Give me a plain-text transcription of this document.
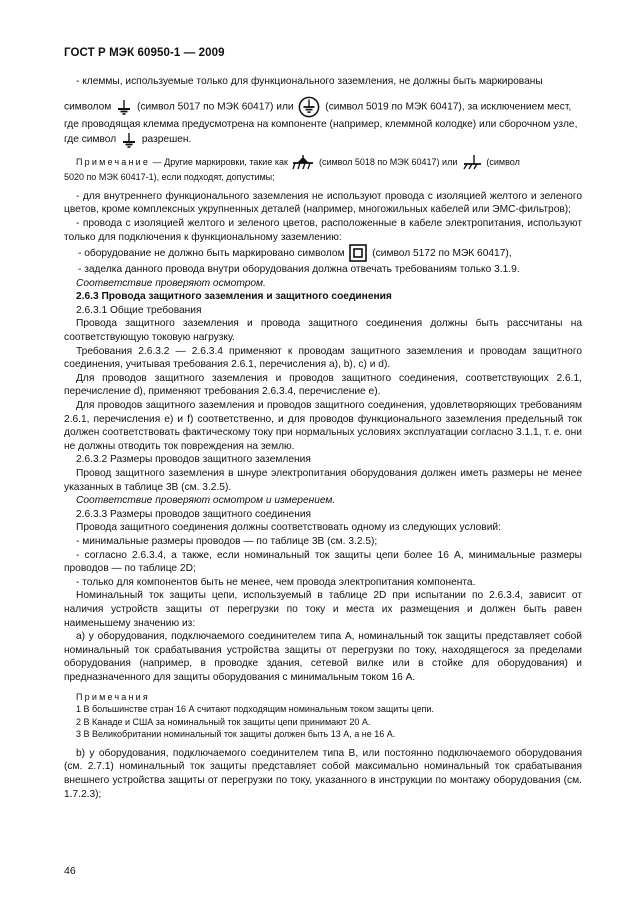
ГОСТ Р МЭК 60950-1 — 2009

- клеммы, используемые только для функционального заземления, не должны быть маркированы

символом	(символ 5017 по МЭК 60417) или	(символ 5019 по МЭК 60417), за исключением мест,

где проводящая клемма предусмотрена на компоненте (например, клеммной колодке) или сборочном узле,

где символ	разрешен.

Примечание — Другие маркировки, такие как	(символ 5018 по МЭК 60417) или	(символ

5020 по МЭК 60417-1), если подходят, допустимы;

- для внутреннего функционального заземления не используют провода с изоляцией желтого и зеленого цветов, кроме комплексных укрупненных деталей (например, многожильных кабелей или ЭМС-фильтров);

- провода с изоляцией желтого и зеленого цветов, расположенные в кабеле электропитания, используют только для подключения к функциональному заземлению:

- оборудование не должно быть маркировано символом	(символ 5172 по МЭК 60417),

- заделка данного провода внутри оборудования должна отвечать требованиям только 3.1.9.

Соответствие проверяют осмотром.

2.6.3 Провода защитного заземления и защитного соединения

2.6.3.1 Общие требования

Провода защитного заземления и провода защитного соединения должны быть рассчитаны на соответствующую токовую нагрузку.

Требования 2.6.3.2 — 2.6.3.4 применяют к проводам защитного заземления и проводам защитного соединения, учитывая требования 2.6.1, перечисления a), b), c) и d).

Для проводов защитного заземления и проводов защитного соединения, соответствующих 2.6.1, перечисление d), применяют требования 2.6.3.4, перечисление e).

Для проводов защитного заземления и проводов защитного соединения, удовлетворяющих требованиям 2.6.1, перечисления e) и f) соответственно, и для проводов функционального заземления предельный ток должен соответствовать фактическому току при нормальных условиях эксплуатации согласно 3.1.1, т. е. они не должны отводить ток повреждения на землю.

2.6.3.2 Размеры проводов защитного заземления

Провод защитного заземления в шнуре электропитания оборудования должен иметь размеры не менее указанных в таблице 3В (см. 3.2.5).

Соответствие проверяют осмотром и измерением.

2.6.3.3 Размеры проводов защитного соединения

Провода защитного соединения должны соответствовать одному из следующих условий:

- минимальные размеры проводов — по таблице 3В (см. 3.2.5);

- согласно 2.6.3.4, а также, если номинальный ток защиты цепи более 16 А, минимальные размеры проводов — по таблице 2D;

- только для компонентов быть не менее, чем провода электропитания компонента.

Номинальный ток защиты цепи, используемый в таблице 2D при испытании по 2.6.3.4, зависит от наличия устройств защиты от перегрузки по току и места их размещения и должен быть равен наименьшему значению из:

a) у оборудования, подключаемого соединителем типа А, номинальный ток защиты представляет собой номинальный ток срабатывания устройства защиты от перегрузки по току, находящегося за пределами оборудования (например, в проводке здания, сетевой вилке или в стойке для оборудования) и предназначенного для защиты оборудования с минимальным током 16 А.

Примечания

1 В большинстве стран 16 А считают подходящим номинальным током защиты цепи.

2 В Канаде и США за номинальный ток защиты цепи принимают 20 А.

3 В Великобритании номинальный ток защиты должен быть 13 А, а не 16 А.

b) у оборудования, подключаемого соединителем типа В, или постоянно подключаемого оборудования (см. 2.7.1) номинальный ток защиты представляет собой максимально номинальный ток срабатывания внешнего устройства защиты от перегрузки по току, указанного в инструкции по монтажу оборудования (см. 1.7.2.3);

46
